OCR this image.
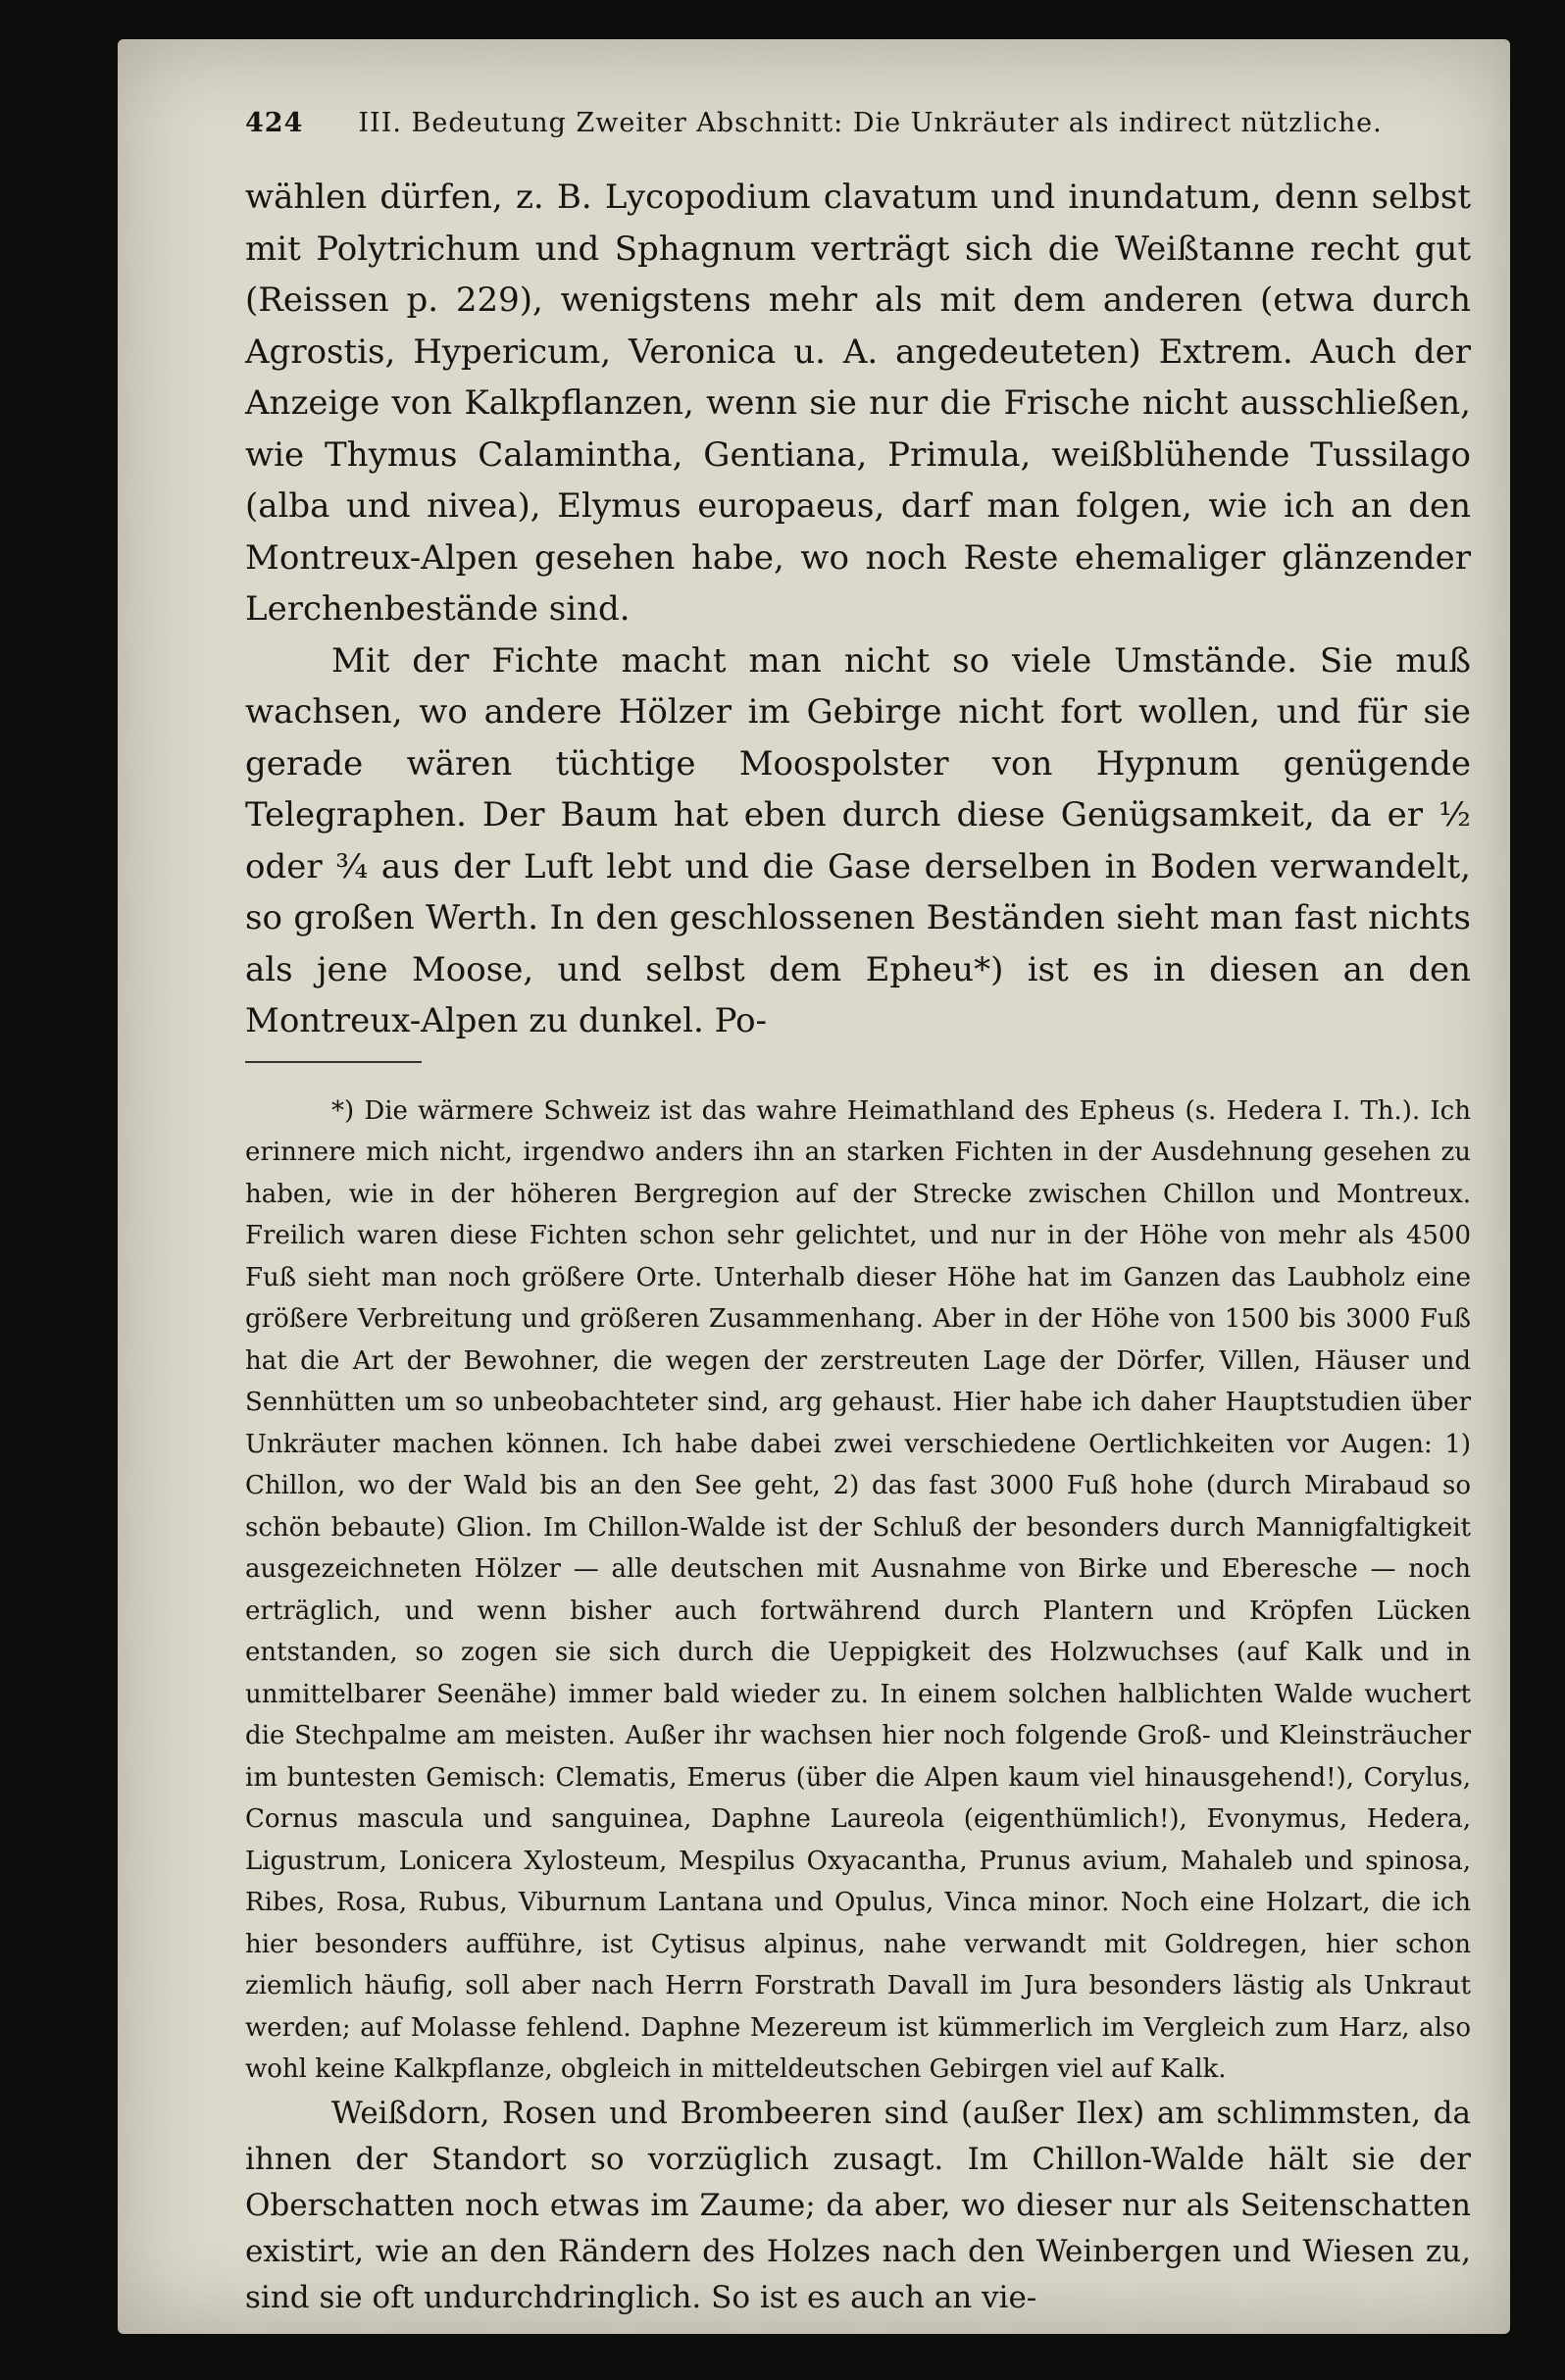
424 III. Bedeutung Zweiter Abschnitt: Die Unkräuter als indirect nützliche.

wählen dürfen, z. B. Lycopodium clavatum und inundatum, denn selbst mit Polytrichum und Sphagnum verträgt sich die Weißtanne recht gut (Reissen p. 229), wenigstens mehr als mit dem anderen (etwa durch Agrostis, Hypericum, Veronica u. A. angedeuteten) Extrem. Auch der Anzeige von Kalkpflanzen, wenn sie nur die Frische nicht ausschließen, wie Thymus Calamintha, Gentiana, Primula, weißblühende Tussilago (alba und nivea), Elymus europaeus, darf man folgen, wie ich an den Montreux-Alpen gesehen habe, wo noch Reste ehemaliger glänzender Lerchenbestände sind.

Mit der Fichte macht man nicht so viele Umstände. Sie muß wachsen, wo andere Hölzer im Gebirge nicht fort wollen, und für sie gerade wären tüchtige Moospolster von Hypnum genügende Telegraphen. Der Baum hat eben durch diese Genügsamkeit, da er ½ oder ¾ aus der Luft lebt und die Gase derselben in Boden verwandelt, so großen Werth. In den geschlossenen Beständen sieht man fast nichts als jene Moose, und selbst dem Epheu*) ist es in diesen an den Montreux-Alpen zu dunkel. Po-

*) Die wärmere Schweiz ist das wahre Heimathland des Epheus (s. Hedera I. Th.). Ich erinnere mich nicht, irgendwo anders ihn an starken Fichten in der Ausdehnung gesehen zu haben, wie in der höheren Bergregion auf der Strecke zwischen Chillon und Montreux. Freilich waren diese Fichten schon sehr gelichtet, und nur in der Höhe von mehr als 4500 Fuß sieht man noch größere Orte. Unterhalb dieser Höhe hat im Ganzen das Laubholz eine größere Verbreitung und größeren Zusammenhang. Aber in der Höhe von 1500 bis 3000 Fuß hat die Art der Bewohner, die wegen der zerstreuten Lage der Dörfer, Villen, Häuser und Sennhütten um so unbeobachteter sind, arg gehaust. Hier habe ich daher Hauptstudien über Unkräuter machen können. Ich habe dabei zwei verschiedene Oertlichkeiten vor Augen: 1) Chillon, wo der Wald bis an den See geht, 2) das fast 3000 Fuß hohe (durch Mirabaud so schön bebaute) Glion. Im Chillon-Walde ist der Schluß der besonders durch Mannigfaltigkeit ausgezeichneten Hölzer — alle deutschen mit Ausnahme von Birke und Eberesche — noch erträglich, und wenn bisher auch fortwährend durch Plantern und Kröpfen Lücken entstanden, so zogen sie sich durch die Ueppigkeit des Holzwuchses (auf Kalk und in unmittelbarer Seenähe) immer bald wieder zu. In einem solchen halblichten Walde wuchert die Stechpalme am meisten. Außer ihr wachsen hier noch folgende Groß- und Kleinsträucher im buntesten Gemisch: Clematis, Emerus (über die Alpen kaum viel hinausgehend!), Corylus, Cornus mascula und sanguinea, Daphne Laureola (eigenthümlich!), Evonymus, Hedera, Ligustrum, Lonicera Xylosteum, Mespilus Oxyacantha, Prunus avium, Mahaleb und spinosa, Ribes, Rosa, Rubus, Viburnum Lantana und Opulus, Vinca minor. Noch eine Holzart, die ich hier besonders aufführe, ist Cytisus alpinus, nahe verwandt mit Goldregen, hier schon ziemlich häufig, soll aber nach Herrn Forstrath Davall im Jura besonders lästig als Unkraut werden; auf Molasse fehlend. Daphne Mezereum ist kümmerlich im Vergleich zum Harz, also wohl keine Kalkpflanze, obgleich in mitteldeutschen Gebirgen viel auf Kalk.

Weißdorn, Rosen und Brombeeren sind (außer Ilex) am schlimmsten, da ihnen der Standort so vorzüglich zusagt. Im Chillon-Walde hält sie der Oberschatten noch etwas im Zaume; da aber, wo dieser nur als Seitenschatten existirt, wie an den Rändern des Holzes nach den Weinbergen und Wiesen zu, sind sie oft undurchdringlich. So ist es auch an vie-
